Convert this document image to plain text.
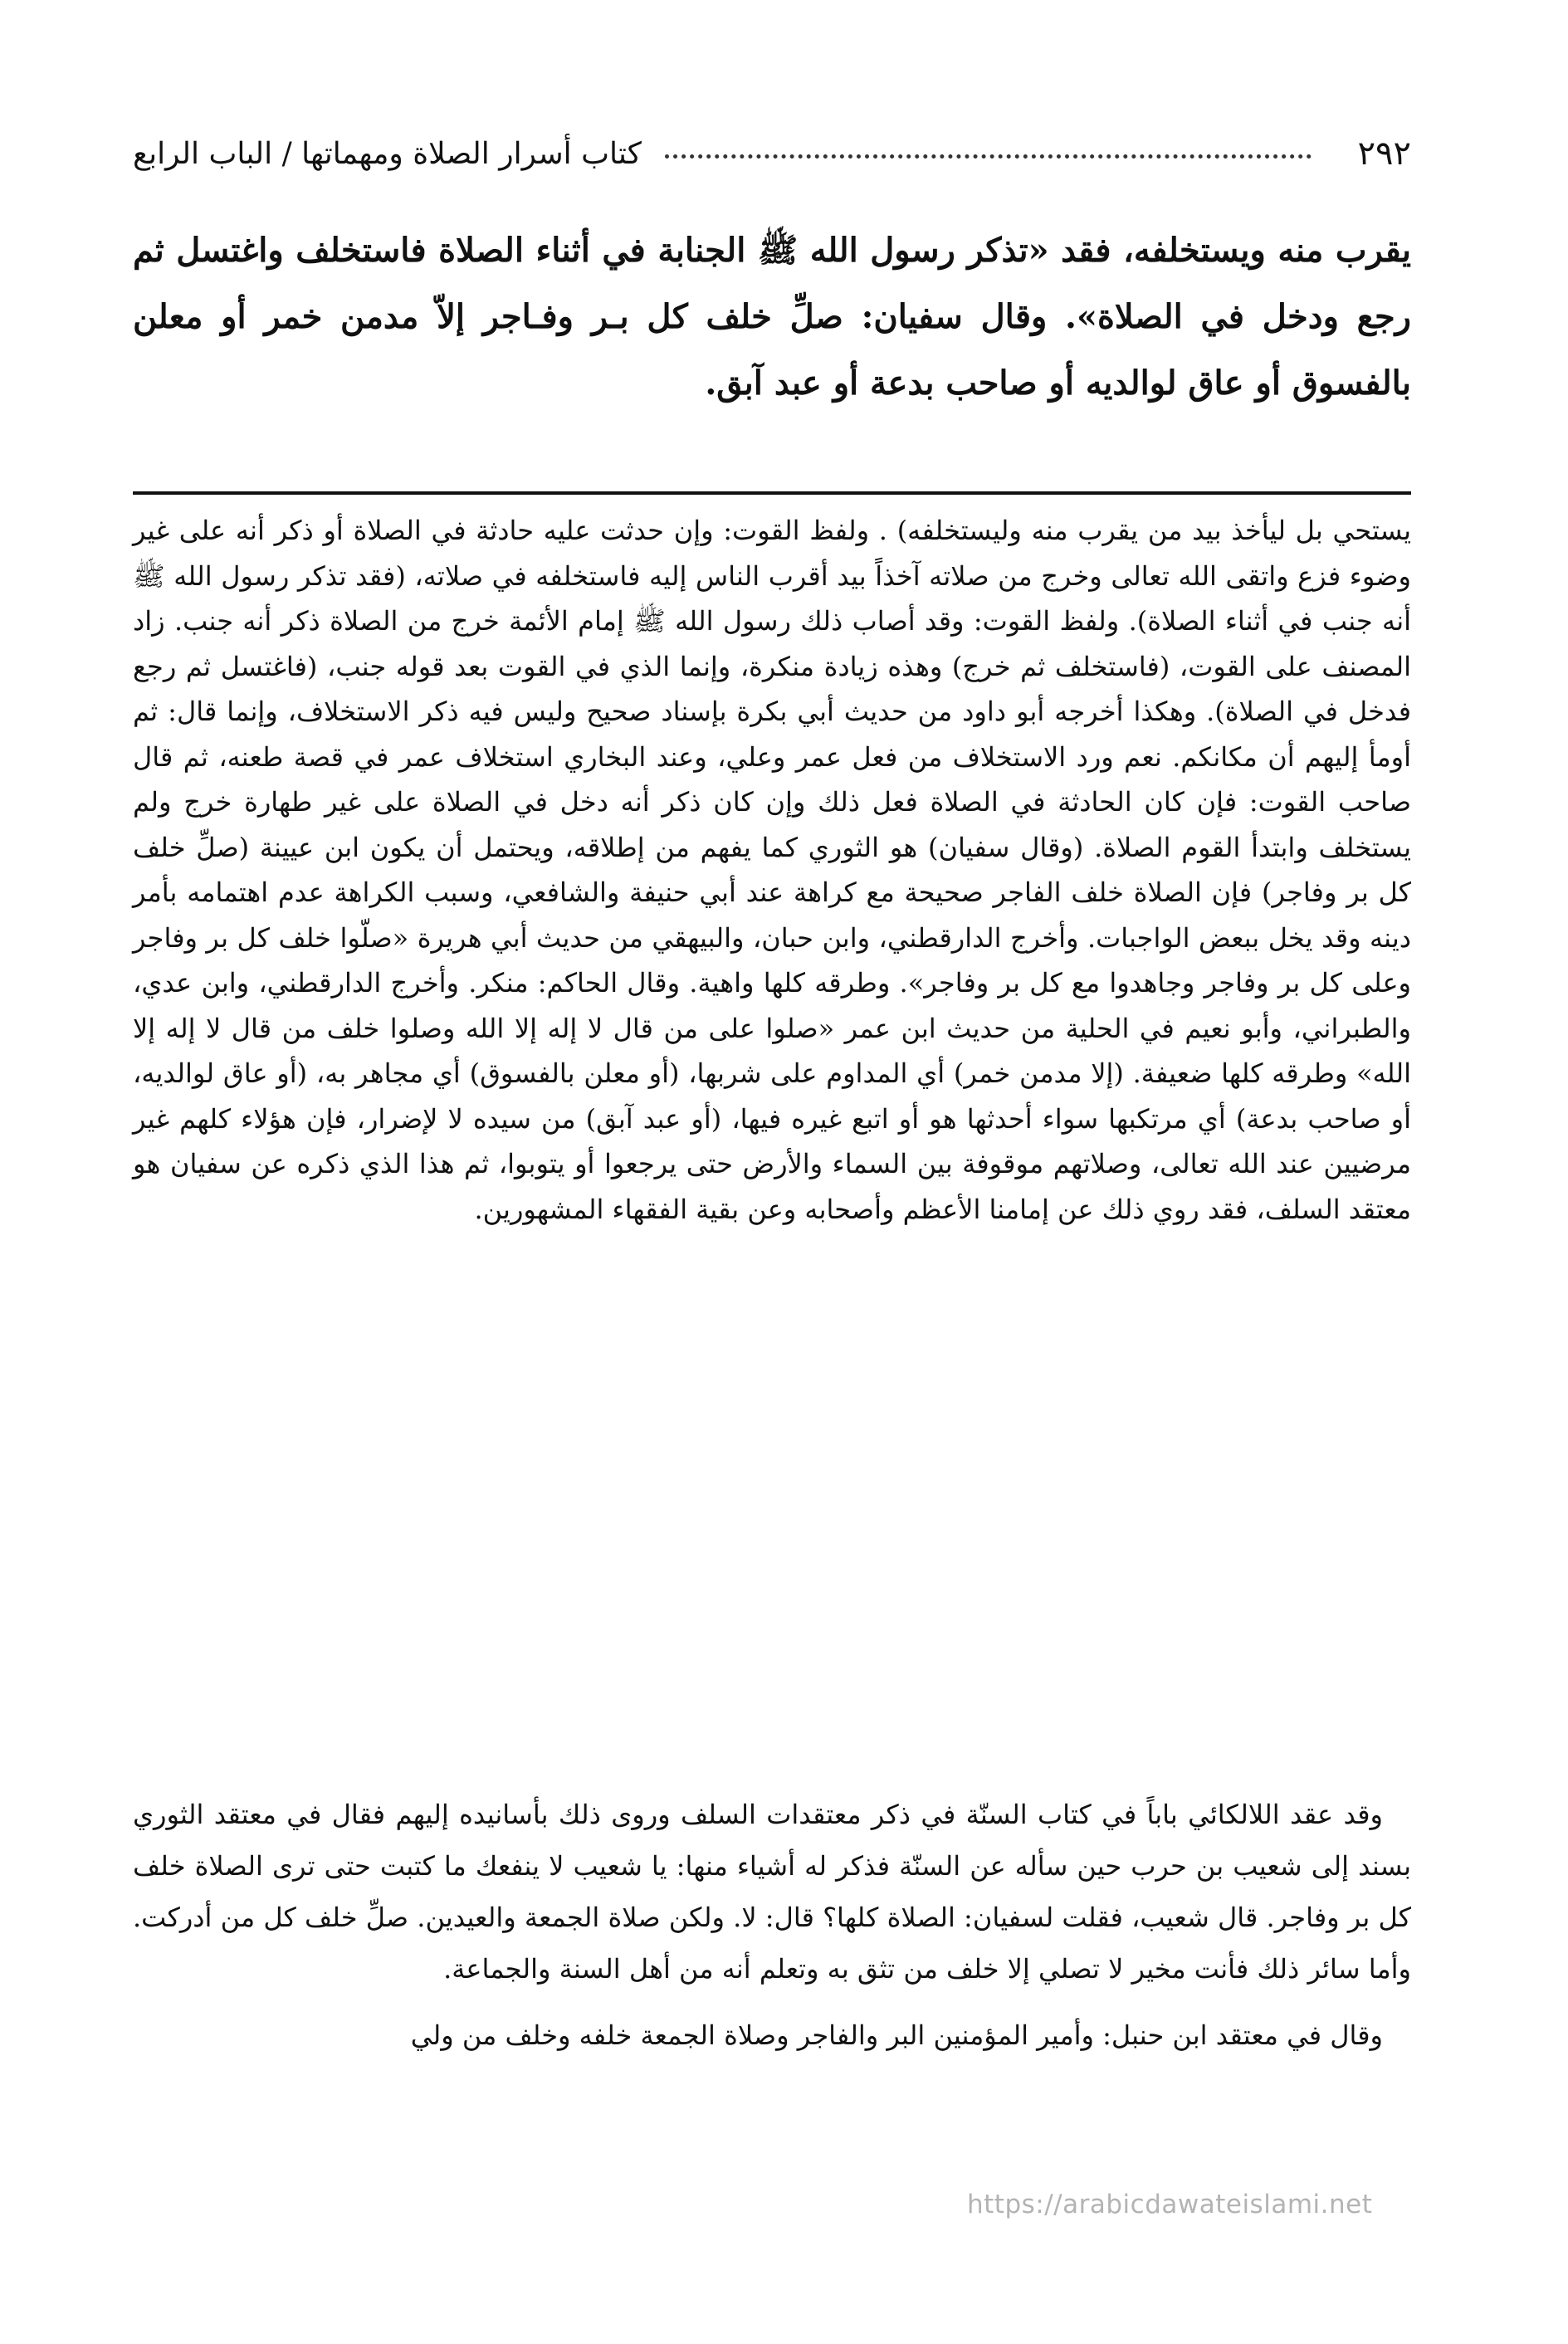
٢٩٢
كتاب أسرار الصلاة ومهماتها / الباب الرابع

يقرب منه ويستخلفه، فقد «تذكر رسول الله ﷺ الجنابة في أثناء الصلاة فاستخلف واغتسل ثم رجع ودخل في الصلاة». وقال سفيان: صلِّ خلف كل بـر وفـاجر إلاّ مدمن خمر أو معلن بالفسوق أو عاق لوالديه أو صاحب بدعة أو عبد آبق.

يستحي بل ليأخذ بيد من يقرب منه وليستخلفه) . ولفظ القوت: وإن حدثت عليه حادثة في الصلاة أو ذكر أنه على غير وضوء فزع واتقى الله تعالى وخرج من صلاته آخذاً بيد أقرب الناس إليه فاستخلفه في صلاته، (فقد تذكر رسول الله ﷺ أنه جنب في أثناء الصلاة). ولفظ القوت: وقد أصاب ذلك رسول الله ﷺ إمام الأئمة خرج من الصلاة ذكر أنه جنب. زاد المصنف على القوت، (فاستخلف ثم خرج) وهذه زيادة منكرة، وإنما الذي في القوت بعد قوله جنب، (فاغتسل ثم رجع فدخل في الصلاة). وهكذا أخرجه أبو داود من حديث أبي بكرة بإسناد صحيح وليس فيه ذكر الاستخلاف، وإنما قال: ثم أومأ إليهم أن مكانكم. نعم ورد الاستخلاف من فعل عمر وعلي، وعند البخاري استخلاف عمر في قصة طعنه، ثم قال صاحب القوت: فإن كان الحادثة في الصلاة فعل ذلك وإن كان ذكر أنه دخل في الصلاة على غير طهارة خرج ولم يستخلف وابتدأ القوم الصلاة. (وقال سفيان) هو الثوري كما يفهم من إطلاقه، ويحتمل أن يكون ابن عيينة (صلِّ خلف كل بر وفاجر) فإن الصلاة خلف الفاجر صحيحة مع كراهة عند أبي حنيفة والشافعي، وسبب الكراهة عدم اهتمامه بأمر دينه وقد يخل ببعض الواجبات. وأخرج الدارقطني، وابن حبان، والبيهقي من حديث أبي هريرة «صلّوا خلف كل بر وفاجر وعلى كل بر وفاجر وجاهدوا مع كل بر وفاجر». وطرقه كلها واهية. وقال الحاكم: منكر. وأخرج الدارقطني، وابن عدي، والطبراني، وأبو نعيم في الحلية من حديث ابن عمر «صلوا على من قال لا إله إلا الله وصلوا خلف من قال لا إله إلا الله» وطرقه كلها ضعيفة. (إلا مدمن خمر) أي المداوم على شربها، (أو معلن بالفسوق) أي مجاهر به، (أو عاق لوالديه، أو صاحب بدعة) أي مرتكبها سواء أحدثها هو أو اتبع غيره فيها، (أو عبد آبق) من سيده لا لإضرار، فإن هؤلاء كلهم غير مرضيين عند الله تعالى، وصلاتهم موقوفة بين السماء والأرض حتى يرجعوا أو يتوبوا، ثم هذا الذي ذكره عن سفيان هو معتقد السلف، فقد روي ذلك عن إمامنا الأعظم وأصحابه وعن بقية الفقهاء المشهورين.

وقد عقد اللالكائي باباً في كتاب السنّة في ذكر معتقدات السلف وروى ذلك بأسانيده إليهم فقال في معتقد الثوري بسند إلى شعيب بن حرب حين سأله عن السنّة فذكر له أشياء منها: يا شعيب لا ينفعك ما كتبت حتى ترى الصلاة خلف كل بر وفاجر. قال شعيب، فقلت لسفيان: الصلاة كلها؟ قال: لا. ولكن صلاة الجمعة والعيدين. صلِّ خلف كل من أدركت. وأما سائر ذلك فأنت مخير لا تصلي إلا خلف من تثق به وتعلم أنه من أهل السنة والجماعة.

وقال في معتقد ابن حنبل: وأمير المؤمنين البر والفاجر وصلاة الجمعة خلفه وخلف من ولي

https://arabicdawateislami.net
